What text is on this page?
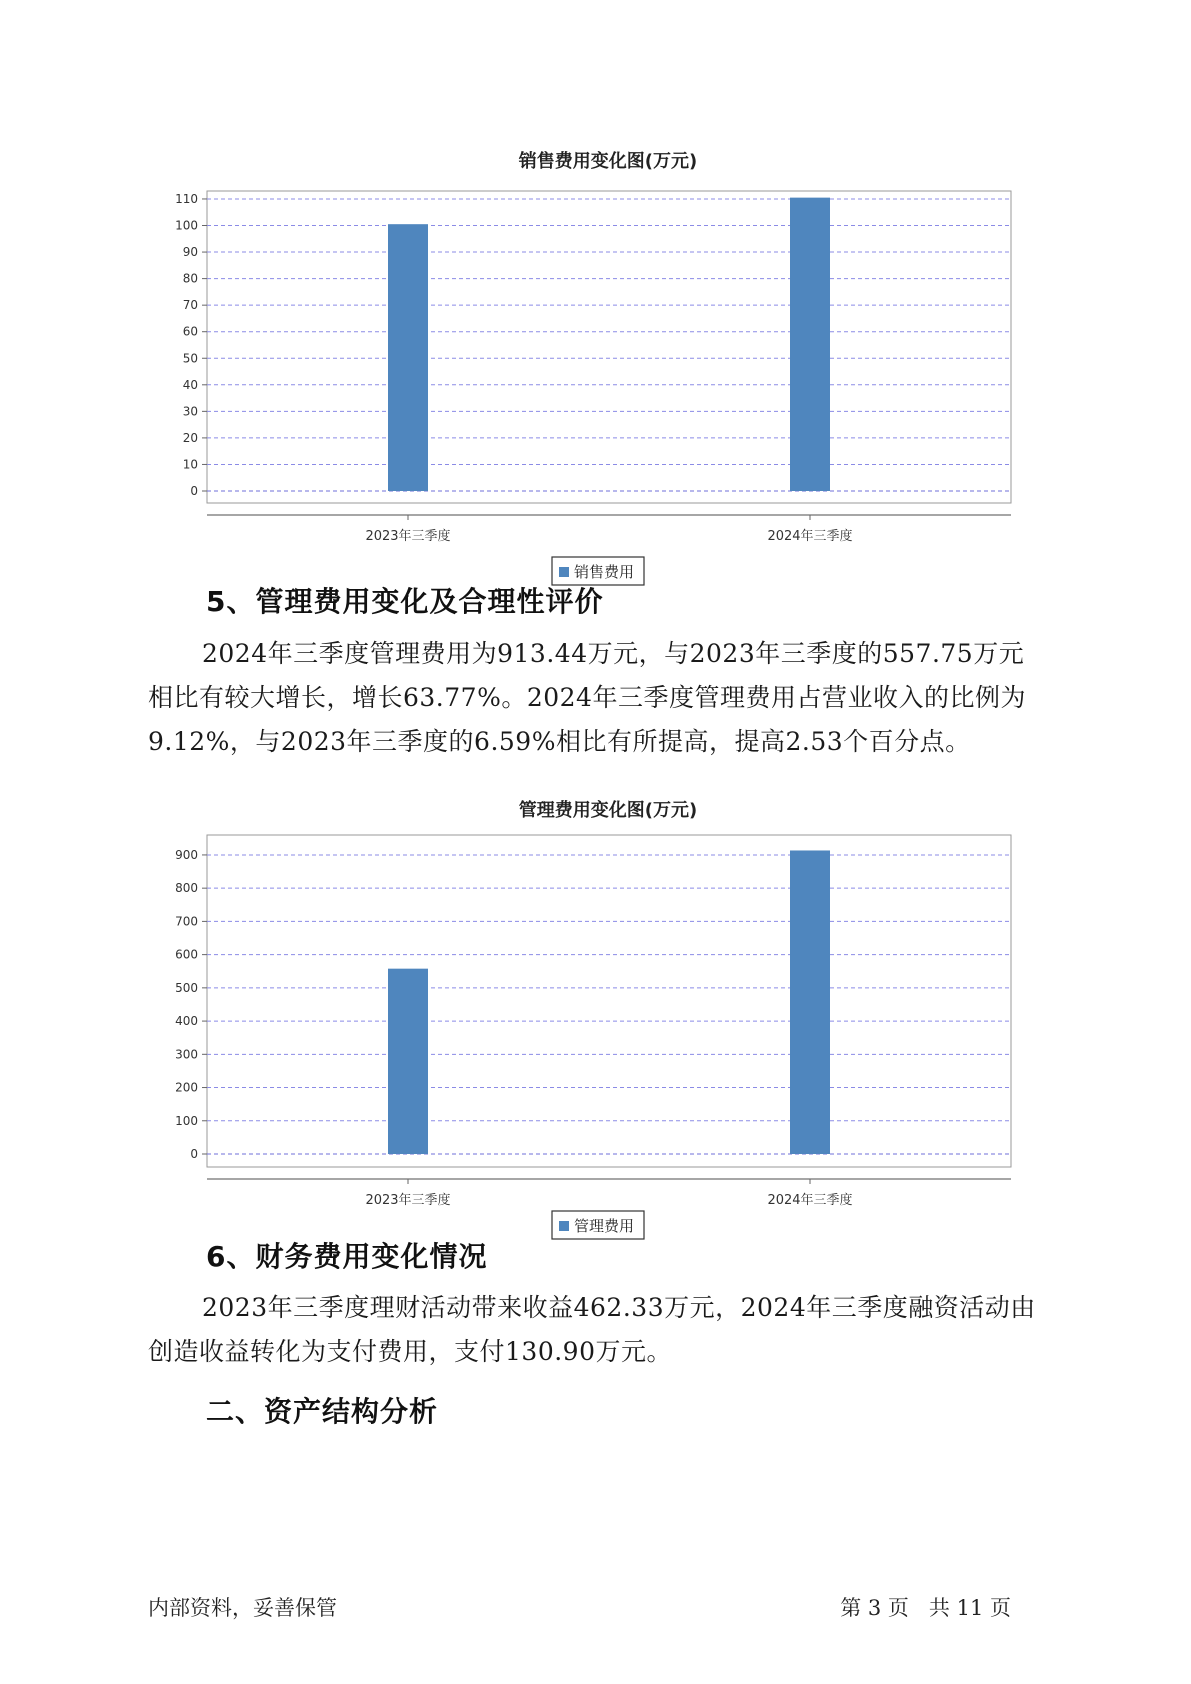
销售费用变化图(万元)
0
10
20
30
40
50
60
70
80
90
100
110
2023年三季度	2024年三季度
销售费用
5、管理费用变化及合理性评价

2024年三季度管理费用为913.44万元，与2023年三季度的557.75万元相比有较大增长，增长63.77%。2024年三季度管理费用占营业收入的比例为9.12%，与2023年三季度的6.59%相比有所提高，提高2.53个百分点。

管理费用变化图(万元)
0
100
200
300
400
500
600
700
800
900
2023年三季度	2024年三季度
管理费用
6、财务费用变化情况

2023年三季度理财活动带来收益462.33万元，2024年三季度融资活动由创造收益转化为支付费用，支付130.90万元。

二、资产结构分析
内部资料，妥善保管	第 3 页   共 11 页
